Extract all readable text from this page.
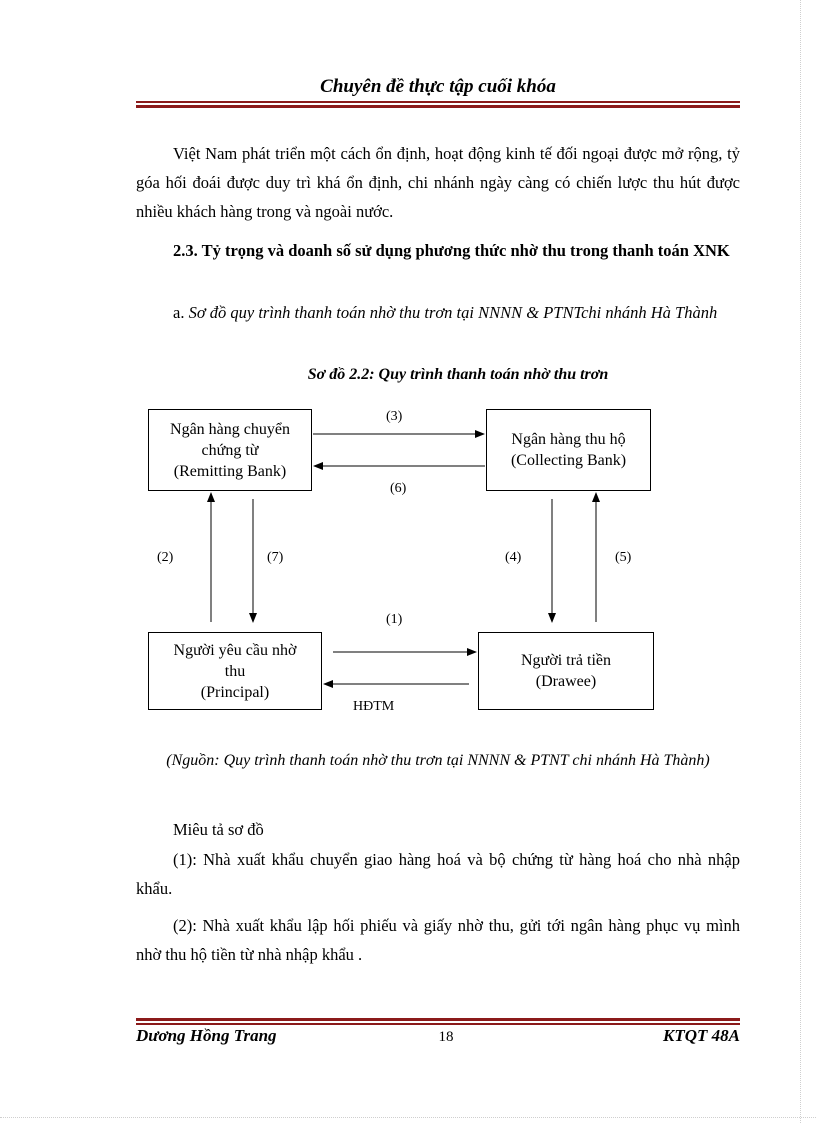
Chuyên đề thực tập cuối khóa
Việt Nam phát triển một cách ổn định, hoạt động kinh tế đối ngoại được mở rộng, tỷ góa hối đoái được duy trì khá ổn định, chi nhánh ngày càng có chiến lược thu hút được nhiều khách hàng trong và ngoài nước.
2.3. Tỷ trọng và doanh số sử dụng phương thức nhờ thu trong thanh toán XNK
a. Sơ đồ quy trình thanh toán nhờ thu trơn tại NNNN & PTNTchi nhánh Hà Thành
Sơ đồ 2.2: Quy trình thanh toán nhờ thu trơn
Ngân hàng chuyển
chứng từ
(Remitting Bank)
Ngân hàng thu hộ
(Collecting Bank)
Người yêu cầu nhờ
thu
(Principal)
Người trả tiền
(Drawee)
(3)
(6)
(2)	(7)	(4)	(5)
(1)
HĐTM
(Nguồn: Quy trình thanh toán nhờ thu trơn tại NNNN & PTNT chi nhánh Hà Thành)
Miêu tả sơ đồ
(1): Nhà xuất khẩu chuyển giao hàng hoá và bộ chứng từ hàng hoá cho nhà nhập khẩu.
(2): Nhà xuất khẩu lập hối phiếu và giấy nhờ thu, gửi tới ngân hàng phục vụ mình nhờ thu hộ tiền từ nhà nhập khẩu .
Dương Hồng Trang	18	KTQT 48A
